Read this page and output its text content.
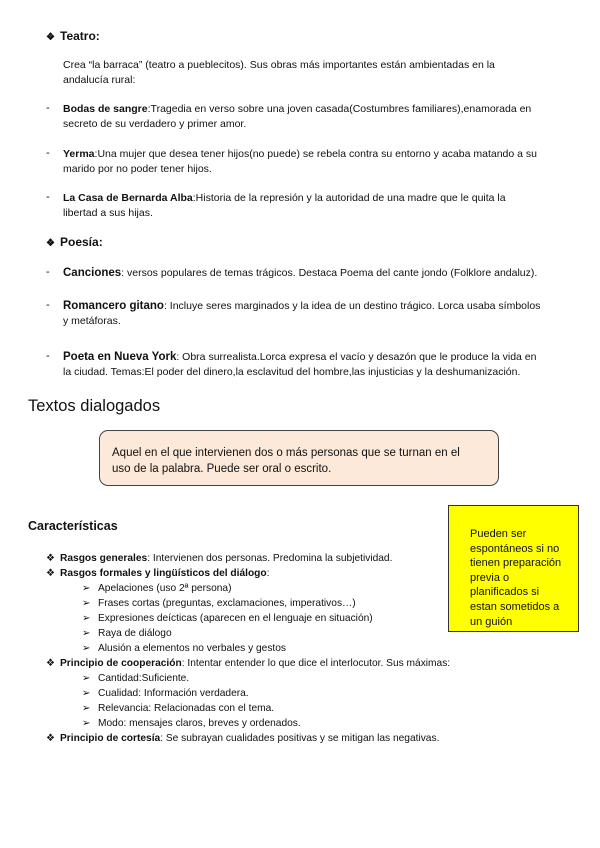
❖ Teatro:
Crea “la barraca” (teatro a pueblecitos). Sus obras más importantes están ambientadas en la
andalucía rural:
- Bodas de sangre:Tragedia en verso sobre una joven casada(Costumbres familiares),enamorada en
secreto de su verdadero y primer amor.
- Yerma:Una mujer que desea tener hijos(no puede) se rebela contra su entorno y acaba matando a su
marido por no poder tener hijos.
- La Casa de Bernarda Alba:Historia de la represión y la autoridad de una madre que le quita la
libertad a sus hijas.
❖ Poesía:
- Canciones: versos populares de temas trágicos. Destaca Poema del cante jondo (Folklore andaluz).
- Romancero gitano: Incluye seres marginados y la idea de un destino trágico. Lorca usaba símbolos
y metáforas.
- Poeta en Nueva York: Obra surrealista.Lorca expresa el vacío y desazón que le produce la vida en
la ciudad. Temas:El poder del dinero,la esclavitud del hombre,las injusticias y la deshumanización.
Textos dialogados
Aquel en el que intervienen dos o más personas que se turnan en el
uso de la palabra. Puede ser oral o escrito.
Pueden ser
espontáneos si no
tienen preparación
previa o
planificados si
estan sometidos a
un guión
Características
❖ Rasgos generales: Intervienen dos personas. Predomina la subjetividad.
❖ Rasgos formales y lingüísticos del diálogo:
➢ Apelaciones (uso 2ª persona)
➢ Frases cortas (preguntas, exclamaciones, imperativos…)
➢ Expresiones deícticas (aparecen en el lenguaje en situación)
➢ Raya de diálogo
➢ Alusión a elementos no verbales y gestos
❖ Principio de cooperación: Intentar entender lo que dice el interlocutor. Sus máximas:
➢ Cantidad:Suficiente.
➢ Cualidad: Información verdadera.
➢ Relevancia: Relacionadas con el tema.
➢ Modo: mensajes claros, breves y ordenados.
❖ Principio de cortesía: Se subrayan cualidades positivas y se mitigan las negativas.
